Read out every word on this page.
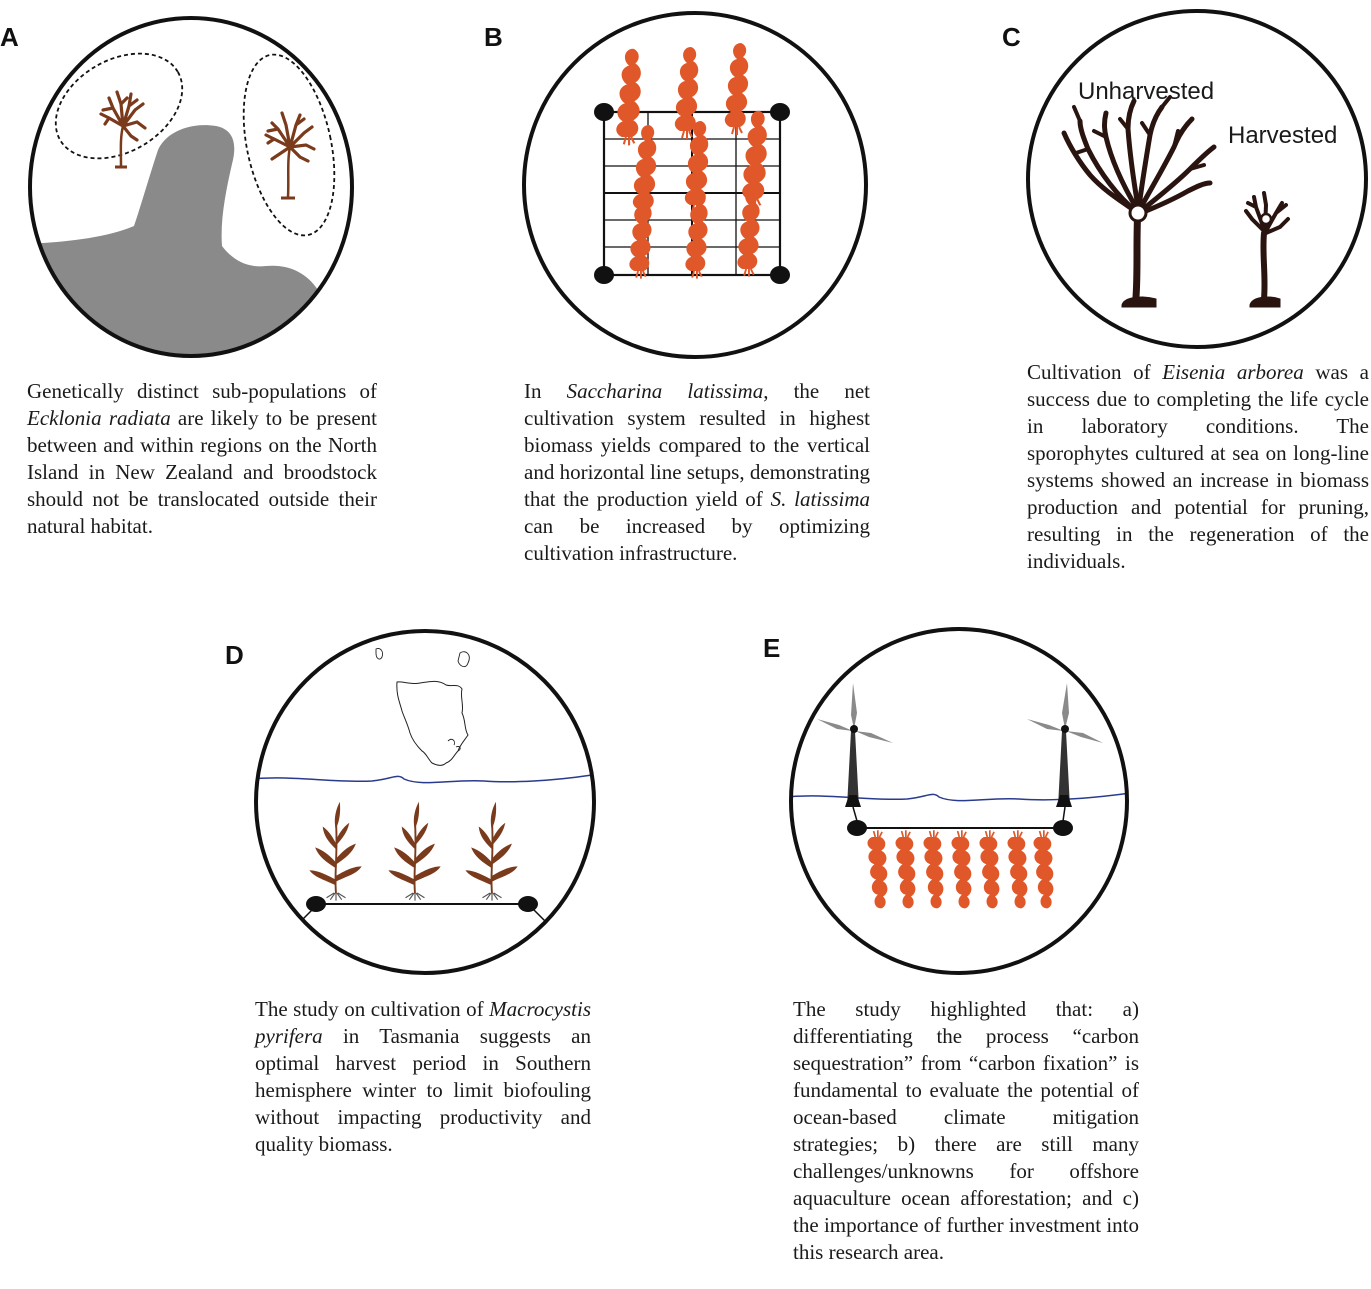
A
Genetically distinct sub-populations of Ecklonia radiata are likely to be present between and within regions on the North Island in New Zealand and broodstock should not be translocated outside their natural habitat.
B
In Saccharina latissima, the net cultivation system resulted in highest biomass yields compared to the vertical and horizontal line setups, demonstrating that the production yield of S. latissima can be increased by optimizing cultivation infrastructure.
C
Unharvested
Harvested
Cultivation of Eisenia arborea was a success due to completing the life cycle in laboratory conditions. The sporophytes cultured at sea on long-line systems showed an increase in biomass production and potential for pruning, resulting in the regeneration of the individuals.
D
The study on cultivation of Macrocystis pyrifera in Tasmania suggests an optimal harvest period in Southern hemisphere winter to limit biofouling without impacting productivity and quality biomass.
E
The study highlighted that: a) differentiating the process “carbon sequestration” from “carbon fixation” is fundamental to evaluate the potential of ocean-based climate mitigation strategies; b) there are still many challenges/unknowns for offshore aquaculture ocean afforestation; and c) the importance of further investment into this research area.
